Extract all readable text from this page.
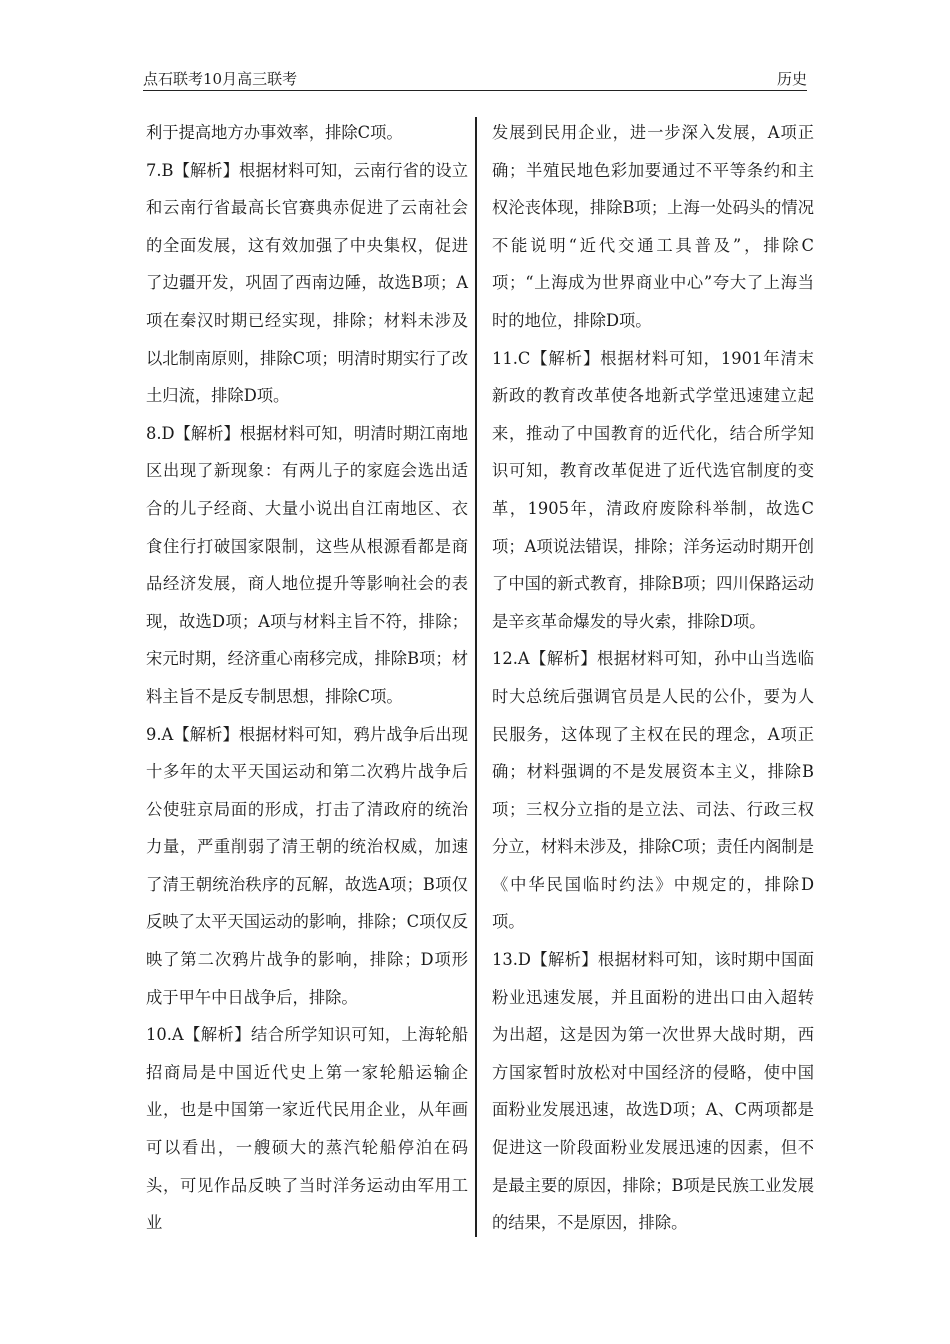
点石联考10月高三联考	历史

利于提高地方办事效率，排除C项。

7.B【解析】根据材料可知，云南行省的设立和云南行省最高长官赛典赤促进了云南社会的全面发展，这有效加强了中央集权，促进了边疆开发，巩固了西南边陲，故选B项；A项在秦汉时期已经实现，排除；材料未涉及以北制南原则，排除C项；明清时期实行了改土归流，排除D项。

8.D【解析】根据材料可知，明清时期江南地区出现了新现象：有两儿子的家庭会选出适合的儿子经商、大量小说出自江南地区、衣食住行打破国家限制，这些从根源看都是商品经济发展，商人地位提升等影响社会的表现，故选D项；A项与材料主旨不符，排除；宋元时期，经济重心南移完成，排除B项；材料主旨不是反专制思想，排除C项。

9.A【解析】根据材料可知，鸦片战争后出现十多年的太平天国运动和第二次鸦片战争后公使驻京局面的形成，打击了清政府的统治力量，严重削弱了清王朝的统治权威，加速了清王朝统治秩序的瓦解，故选A项；B项仅反映了太平天国运动的影响，排除；C项仅反映了第二次鸦片战争的影响，排除；D项形成于甲午中日战争后，排除。

10.A【解析】结合所学知识可知，上海轮船招商局是中国近代史上第一家轮船运输企业，也是中国第一家近代民用企业，从年画可以看出，一艘硕大的蒸汽轮船停泊在码头，可见作品反映了当时洋务运动由军用工业

发展到民用企业，进一步深入发展，A项正确；半殖民地色彩加要通过不平等条约和主权沦丧体现，排除B项；上海一处码头的情况不能说明“近代交通工具普及”，排除C项；“上海成为世界商业中心”夸大了上海当时的地位，排除D项。

11.C【解析】根据材料可知，1901年清末新政的教育改革使各地新式学堂迅速建立起来，推动了中国教育的近代化，结合所学知识可知，教育改革促进了近代选官制度的变革，1905年，清政府废除科举制，故选C项；A项说法错误，排除；洋务运动时期开创了中国的新式教育，排除B项；四川保路运动是辛亥革命爆发的导火索，排除D项。

12.A【解析】根据材料可知，孙中山当选临时大总统后强调官员是人民的公仆，要为人民服务，这体现了主权在民的理念，A项正确；材料强调的不是发展资本主义，排除B项；三权分立指的是立法、司法、行政三权分立，材料未涉及，排除C项；责任内阁制是《中华民国临时约法》中规定的，排除D项。

13.D【解析】根据材料可知，该时期中国面粉业迅速发展，并且面粉的进出口由入超转为出超，这是因为第一次世界大战时期，西方国家暂时放松对中国经济的侵略，使中国面粉业发展迅速，故选D项；A、C两项都是促进这一阶段面粉业发展迅速的因素，但不是最主要的原因，排除；B项是民族工业发展的结果，不是原因，排除。
